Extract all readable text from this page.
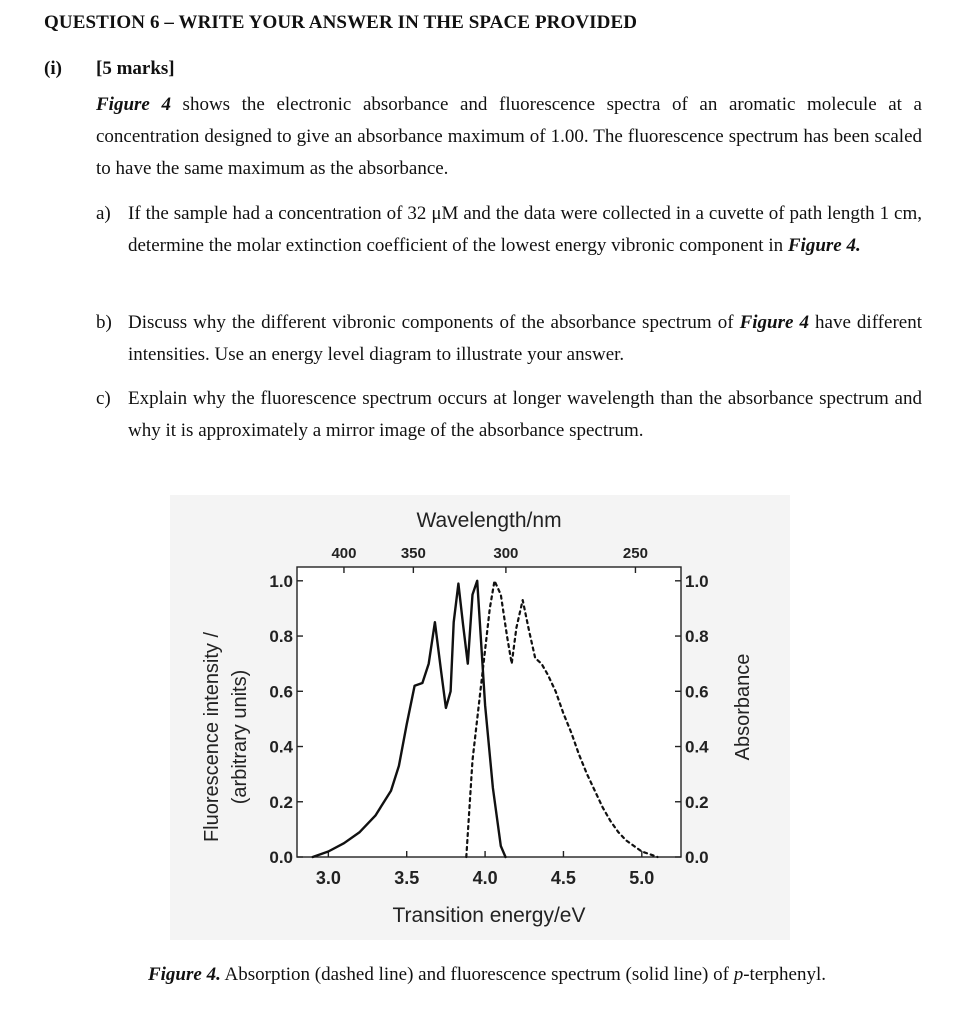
QUESTION 6 – WRITE YOUR ANSWER IN THE SPACE PROVIDED
(i) [5 marks]
Figure 4 shows the electronic absorbance and fluorescence spectra of an aromatic molecule at a concentration designed to give an absorbance maximum of 1.00. The fluorescence spectrum has been scaled to have the same maximum as the absorbance.
a) If the sample had a concentration of 32 μM and the data were collected in a cuvette of path length 1 cm, determine the molar extinction coefficient of the lowest energy vibronic component in Figure 4.
b) Discuss why the different vibronic components of the absorbance spectrum of Figure 4 have different intensities. Use an energy level diagram to illustrate your answer.
c) Explain why the fluorescence spectrum occurs at longer wavelength than the absorbance spectrum and why it is approximately a mirror image of the absorbance spectrum.
Wavelength/nm
400	350	300	250
3.0	3.5	4.0	4.5	5.0
Transition energy/eV
1.0	1.0
0.8	0.8
0.6	0.6
0.4	0.4
0.2	0.2
0.0	0.0
Fluorescence intensity / (arbitrary units)	Absorbance
Figure 4. Absorption (dashed line) and fluorescence spectrum (solid line) of p-terphenyl.
